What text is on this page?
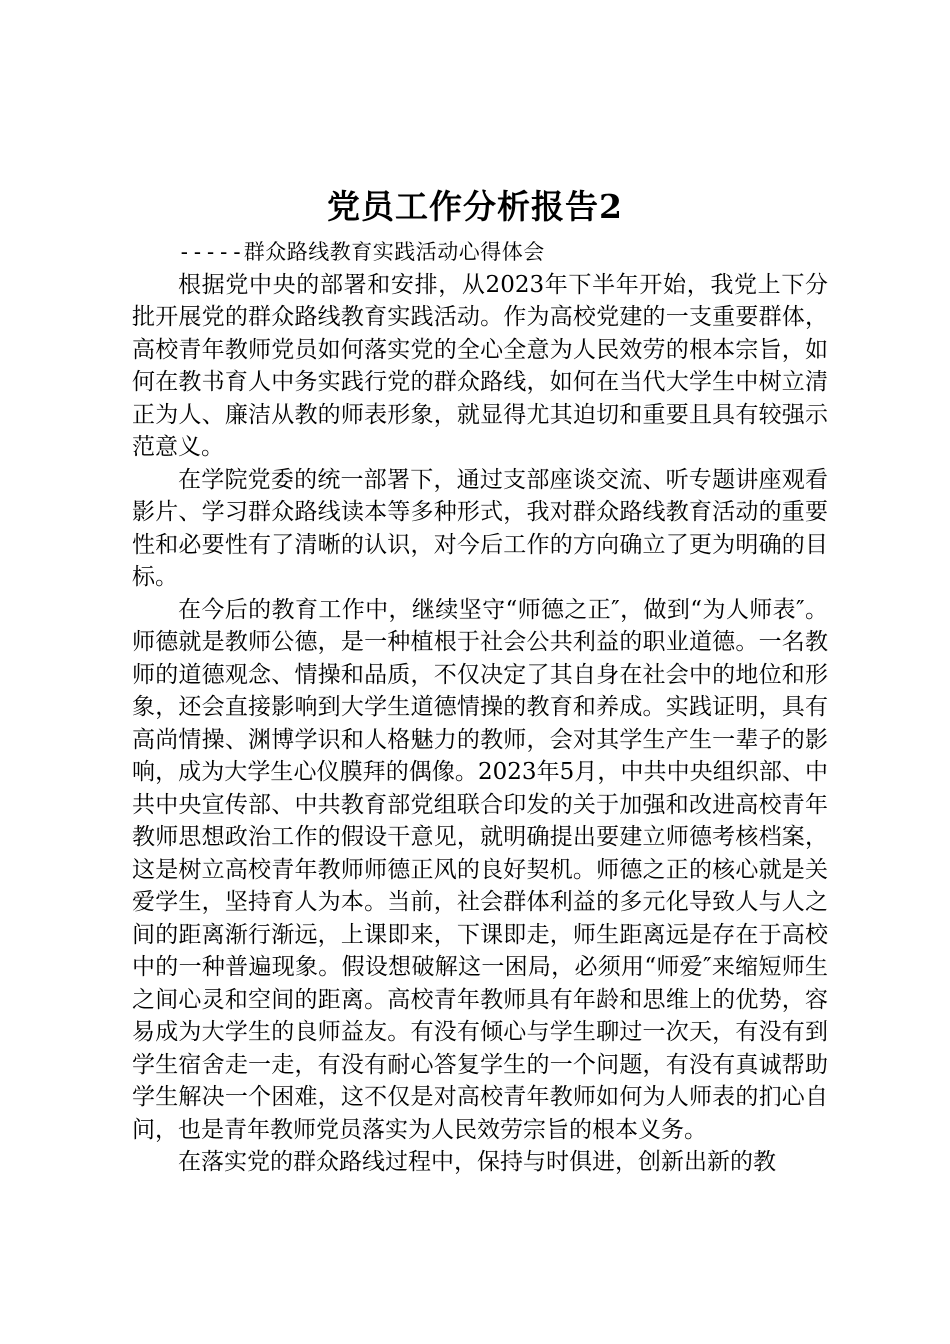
党员工作分析报告2

-----群众路线教育实践活动心得体会

根据党中央的部署和安排，从2023年下半年开始，我党上下分批开展党的群众路线教育实践活动。作为高校党建的一支重要群体，高校青年教师党员如何落实党的全心全意为人民效劳的根本宗旨，如何在教书育人中务实践行党的群众路线，如何在当代大学生中树立清正为人、廉洁从教的师表形象，就显得尤其迫切和重要且具有较强示范意义。

在学院党委的统一部署下，通过支部座谈交流、听专题讲座观看影片、学习群众路线读本等多种形式，我对群众路线教育活动的重要性和必要性有了清晰的认识，对今后工作的方向确立了更为明确的目标。

在今后的教育工作中，继续坚守“师德之正″，做到“为人师表″。师德就是教师公德，是一种植根于社会公共利益的职业道德。一名教师的道德观念、情操和品质，不仅决定了其自身在社会中的地位和形象，还会直接影响到大学生道德情操的教育和养成。实践证明，具有高尚情操、渊博学识和人格魅力的教师，会对其学生产生一辈子的影响，成为大学生心仪膜拜的偶像。2023年5月，中共中央组织部、中共中央宣传部、中共教育部党组联合印发的关于加强和改进高校青年教师思想政治工作的假设干意见，就明确提出要建立师德考核档案，这是树立高校青年教师师德正风的良好契机。师德之正的核心就是关爱学生，坚持育人为本。当前，社会群体利益的多元化导致人与人之间的距离渐行渐远，上课即来，下课即走，师生距离远是存在于高校中的一种普遍现象。假设想破解这一困局，必须用“师爱″来缩短师生之间心灵和空间的距离。高校青年教师具有年龄和思维上的优势，容易成为大学生的良师益友。有没有倾心与学生聊过一次天，有没有到学生宿舍走一走，有没有耐心答复学生的一个问题，有没有真诚帮助学生解决一个困难，这不仅是对高校青年教师如何为人师表的扪心自问，也是青年教师党员落实为人民效劳宗旨的根本义务。

在落实党的群众路线过程中，保持与时俱进，创新出新的教
